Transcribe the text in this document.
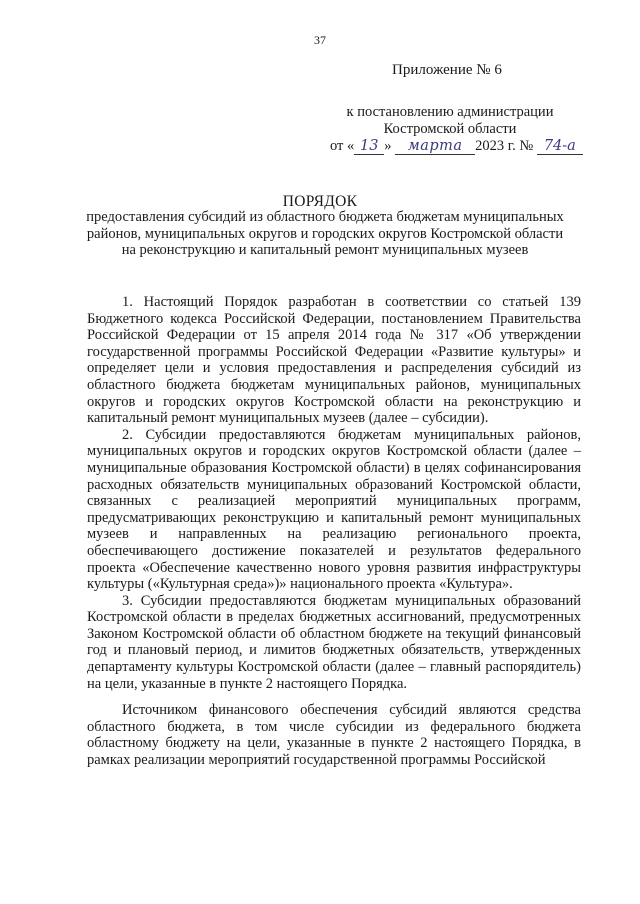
37
Приложение № 6
к постановлению администрации
Костромской области
от « 13 » марта 2023 г. № 74-а
ПОРЯДОК
предоставления субсидий из областного бюджета бюджетам муниципальных районов, муниципальных округов и городских округов Костромской области на реконструкцию и капитальный ремонт муниципальных музеев

1. Настоящий Порядок разработан в соответствии со статьей 139 Бюджетного кодекса Российской Федерации, постановлением Правительства Российской Федерации от 15 апреля 2014 года № 317 «Об утверждении государственной программы Российской Федерации «Развитие культуры» и определяет цели и условия предоставления и распределения субсидий из областного бюджета бюджетам муниципальных районов, муниципальных округов и городских округов Костромской области на реконструкцию и капитальный ремонт муниципальных музеев (далее – субсидии).

2. Субсидии предоставляются бюджетам муниципальных районов, муниципальных округов и городских округов Костромской области (далее – муниципальные образования Костромской области) в целях софинансирования расходных обязательств муниципальных образований Костромской области, связанных с реализацией мероприятий муниципальных программ, предусматривающих реконструкцию и капитальный ремонт муниципальных музеев и направленных на реализацию регионального проекта, обеспечивающего достижение показателей и результатов федерального проекта «Обеспечение качественно нового уровня развития инфраструктуры культуры («Культурная среда»)» национального проекта «Культура».

3. Субсидии предоставляются бюджетам муниципальных образований Костромской области в пределах бюджетных ассигнований, предусмотренных Законом Костромской области об областном бюджете на текущий финансовый год и плановый период, и лимитов бюджетных обязательств, утвержденных департаменту культуры Костромской области (далее – главный распорядитель) на цели, указанные в пункте 2 настоящего Порядка.

Источником финансового обеспечения субсидий являются средства областного бюджета, в том числе субсидии из федерального бюджета областному бюджету на цели, указанные в пункте 2 настоящего Порядка, в рамках реализации мероприятий государственной программы Российской
